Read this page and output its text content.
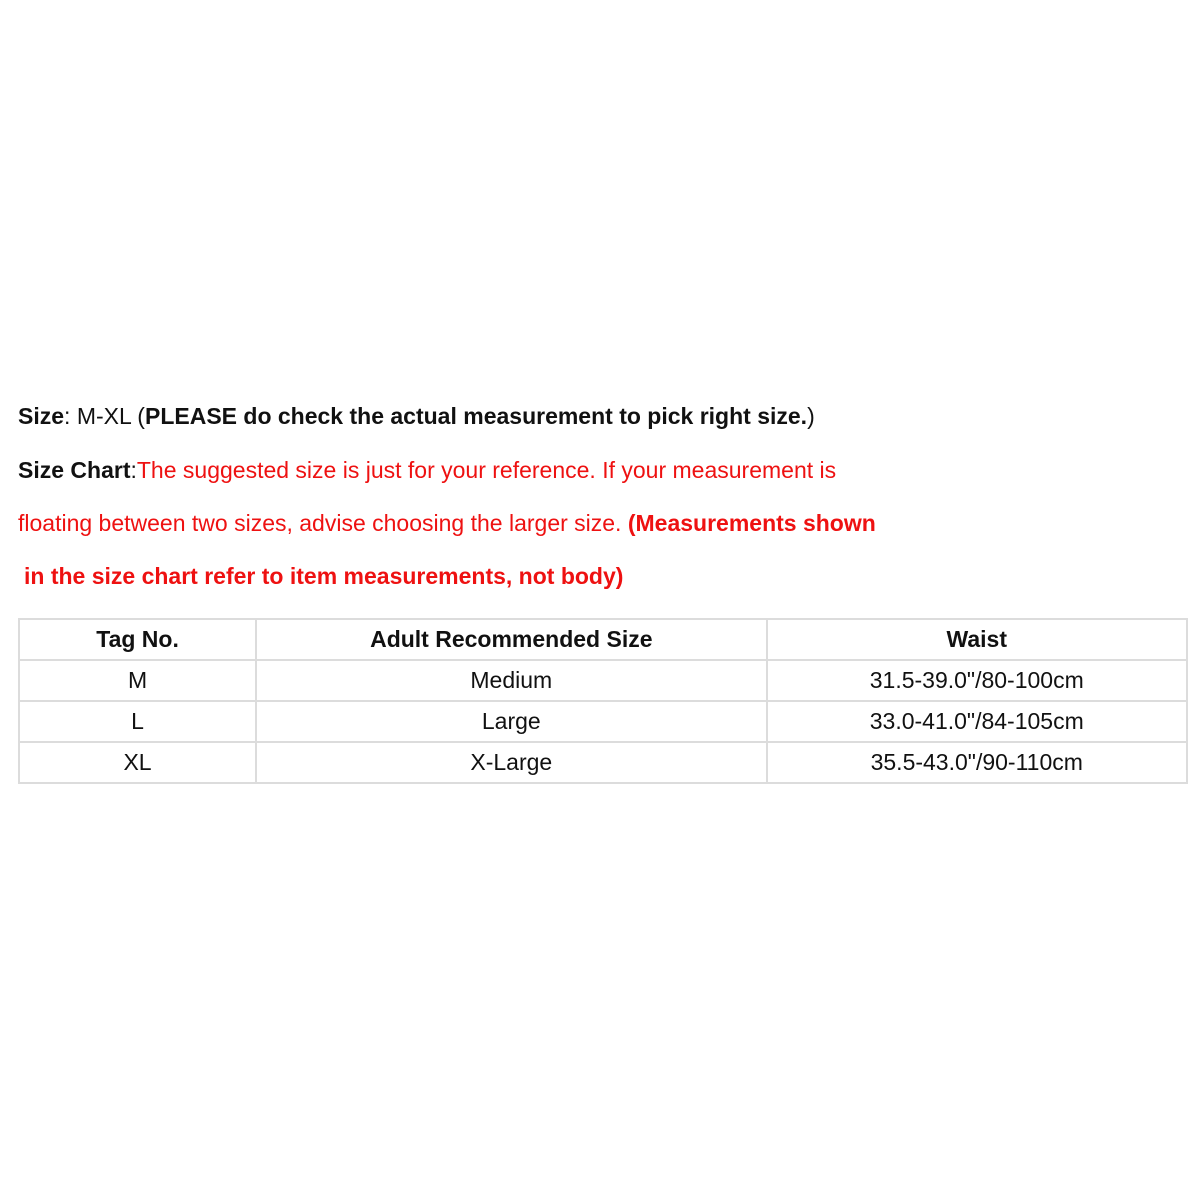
Size: M-XL (PLEASE do check the actual measurement to pick right size.)
Size Chart:The suggested size is just for your reference. If your measurement is
floating between two sizes, advise choosing the larger size. (Measurements shown
in the size chart refer to item measurements, not body)
Tag No.	Adult Recommended Size	Waist
M	Medium	31.5-39.0"/80-100cm
L	Large	33.0-41.0"/84-105cm
XL	X-Large	35.5-43.0"/90-110cm
